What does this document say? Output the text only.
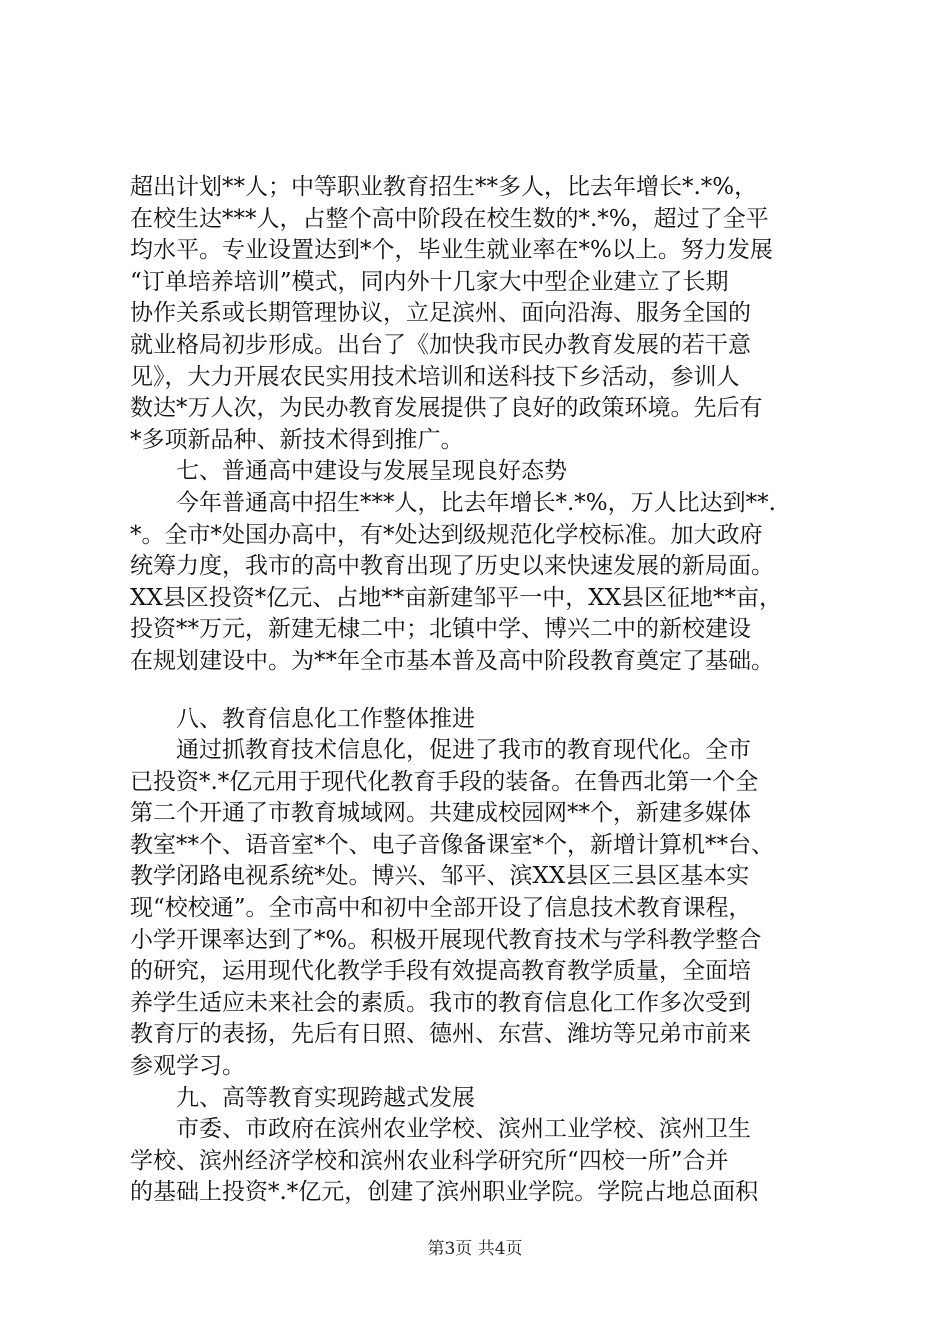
超出计划**人；中等职业教育招生**多人，比去年增长*.*%，
在校生达***人，占整个高中阶段在校生数的*.*%，超过了全平
均水平。专业设置达到*个，毕业生就业率在*%以上。努力发展
“订单培养培训”模式，同内外十几家大中型企业建立了长期
协作关系或长期管理协议，立足滨州、面向沿海、服务全国的
就业格局初步形成。出台了《加快我市民办教育发展的若干意
见》，大力开展农民实用技术培训和送科技下乡活动，参训人
数达*万人次，为民办教育发展提供了良好的政策环境。先后有
*多项新品种、新技术得到推广。
七、普通高中建设与发展呈现良好态势
今年普通高中招生***人，比去年增长*.*%，万人比达到**.
*。全市*处国办高中，有*处达到级规范化学校标准。加大政府
统筹力度，我市的高中教育出现了历史以来快速发展的新局面。
XX县区投资*亿元、占地**亩新建邹平一中，XX县区征地**亩，
投资**万元，新建无棣二中；北镇中学、博兴二中的新校建设
在规划建设中。为**年全市基本普及高中阶段教育奠定了基础。
八、教育信息化工作整体推进
通过抓教育技术信息化，促进了我市的教育现代化。全市
已投资*.*亿元用于现代化教育手段的装备。在鲁西北第一个全
第二个开通了市教育城域网。共建成校园网**个，新建多媒体
教室**个、语音室*个、电子音像备课室*个，新增计算机**台、
教学闭路电视系统*处。博兴、邹平、滨XX县区三县区基本实
现“校校通”。全市高中和初中全部开设了信息技术教育课程，
小学开课率达到了*%。积极开展现代教育技术与学科教学整合
的研究，运用现代化教学手段有效提高教育教学质量，全面培
养学生适应未来社会的素质。我市的教育信息化工作多次受到
教育厅的表扬，先后有日照、德州、东营、潍坊等兄弟市前来
参观学习。
九、高等教育实现跨越式发展
市委、市政府在滨州农业学校、滨州工业学校、滨州卫生
学校、滨州经济学校和滨州农业科学研究所“四校一所”合并
的基础上投资*.*亿元，创建了滨州职业学院。学院占地总面积
第3页 共4页
